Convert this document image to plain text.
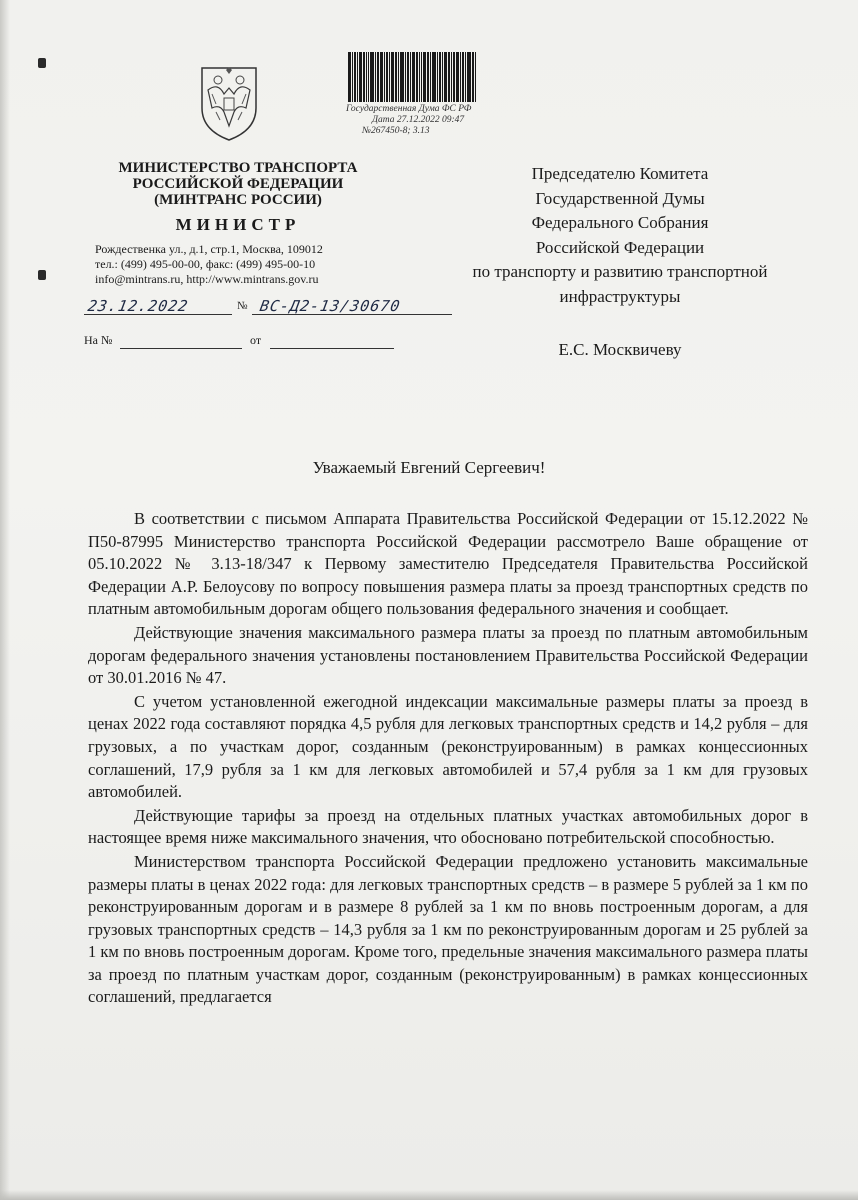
Государственная Дума ФС РФ
Дата 27.12.2022 09:47
№267450-8; 3.13
МИНИСТЕРСТВО ТРАНСПОРТА
РОССИЙСКОЙ ФЕДЕРАЦИИ
(МИНТРАНС РОССИИ)
МИНИСТР
Рождественка ул., д.1, стр.1, Москва, 109012
тел.: (499) 495-00-00, факс: (499) 495-00-10
info@mintrans.ru, http://www.mintrans.gov.ru
23.12.2022	№ ВС-Д2-13/30670
На №	от
Председателю Комитета
Государственной Думы
Федерального Собрания
Российской Федерации
по транспорту и развитию транспортной
инфраструктуры
Е.С. Москвичеву
Уважаемый Евгений Сергеевич!

В соответствии с письмом Аппарата Правительства Российской Федерации от 15.12.2022 № П50-87995 Министерство транспорта Российской Федерации рассмотрело Ваше обращение от 05.10.2022 № 3.13-18/347 к Первому заместителю Председателя Правительства Российской Федерации А.Р. Белоусову по вопросу повышения размера платы за проезд транспортных средств по платным автомобильным дорогам общего пользования федерального значения и сообщает.

Действующие значения максимального размера платы за проезд по платным автомобильным дорогам федерального значения установлены постановлением Правительства Российской Федерации от 30.01.2016 № 47.

С учетом установленной ежегодной индексации максимальные размеры платы за проезд в ценах 2022 года составляют порядка 4,5 рубля для легковых транспортных средств и 14,2 рубля – для грузовых, а по участкам дорог, созданным (реконструированным) в рамках концессионных соглашений, 17,9 рубля за 1 км для легковых автомобилей и 57,4 рубля за 1 км для грузовых автомобилей.

Действующие тарифы за проезд на отдельных платных участках автомобильных дорог в настоящее время ниже максимального значения, что обосновано потребительской способностью.

Министерством транспорта Российской Федерации предложено установить максимальные размеры платы в ценах 2022 года: для легковых транспортных средств – в размере 5 рублей за 1 км по реконструированным дорогам и в размере 8 рублей за 1 км по вновь построенным дорогам, а для грузовых транспортных средств – 14,3 рубля за 1 км по реконструированным дорогам и 25 рублей за 1 км по вновь построенным дорогам. Кроме того, предельные значения максимального размера платы за проезд по платным участкам дорог, созданным (реконструированным) в рамках концессионных соглашений, предлагается
